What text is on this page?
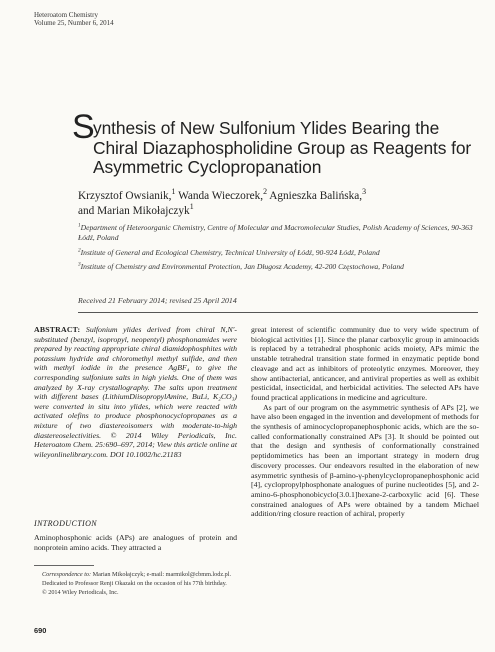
Heteroatom Chemistry
Volume 25, Number 6, 2014
S
ynthesis of New Sulfonium Ylides Bearing the Chiral Diazaphospholidine Group as Reagents for Asymmetric Cyclopropanation
Krzysztof Owsianik,$^1$ Wanda Wieczorek,$^2$ Agnieszka Balińska,$^3$
and Marian Mikołajczyk$^1$

$^1$Department of Heteroorganic Chemistry, Centre of Molecular and Macromolecular Studies, Polish Academy of Sciences, 90-363 Łódź, Poland

$^2$Institute of General and Ecological Chemistry, Technical University of Łódź, 90-924 Łódź, Poland

$^3$Institute of Chemistry and Environmental Protection, Jan Długosz Academy, 42-200 Częstochowa, Poland

Received 21 February 2014; revised 25 April 2014
ABSTRACT: Sulfonium ylides derived from chiral N,N′-substituted (benzyl, isopropyl, neopentyl) phosphonamides were prepared by reacting appropriate chiral diamidophosphites with potassium hydride and chloromethyl methyl sulfide, and then with methyl iodide in the presence AgBF₄ to give the corresponding sulfonium salts in high yields. One of them was analyzed by X-ray crystallography. The salts upon treatment with different bases (LithiumDiisopropylAmine, BuLi, K₂CO₃) were converted in situ into ylides, which were reacted with activated olefins to produce phosphonocyclopropanes as a mixture of two diastereoisomers with moderate-to-high diastereoselectivities. © 2014 Wiley Periodicals, Inc. Heteroatom Chem. 25:690–697, 2014; View this article online at wileyonlinelibrary.com. DOI 10.1002/hc.21183
INTRODUCTION
Aminophosphonic acids (APs) are analogues of protein and nonprotein amino acids. They attracted a

Correspondence to: Marian Mikołajczyk; e-mail: marmikol@cbmm.lodz.pl.

Dedicated to Professor Renji Okazaki on the occasion of his 77th birthday.

© 2014 Wiley Periodicals, Inc.

great interest of scientific community due to very wide spectrum of biological activities [1]. Since the planar carboxylic group in aminoacids is replaced by a tetrahedral phosphonic acids moiety, APs mimic the unstable tetrahedral transition state formed in enzymatic peptide bond cleavage and act as inhibitors of proteolytic enzymes. Moreover, they show antibacterial, anticancer, and antiviral properties as well as exhibit pesticidal, insecticidal, and herbicidal activities. The selected APs have found practical applications in medicine and agriculture.

As part of our program on the asymmetric synthesis of APs [2], we have also been engaged in the invention and development of methods for the synthesis of aminocyclopropanephosphonic acids, which are the so-called conformationally constrained APs [3]. It should be pointed out that the design and synthesis of conformationally constrained peptidomimetics has been an important strategy in modern drug discovery processes. Our endeavors resulted in the elaboration of new asymmetric synthesis of β-amino-γ-phenylcyclopropanephosphonic acid [4], cyclopropylphosphonate analogues of purine nucleotides [5], and 2-amino-6-phosphonobicyclo[3.0.1]hexane-2-carboxylic acid [6]. These constrained analogues of APs were obtained by a tandem Michael addition/ring closure reaction of achiral, properly

690
